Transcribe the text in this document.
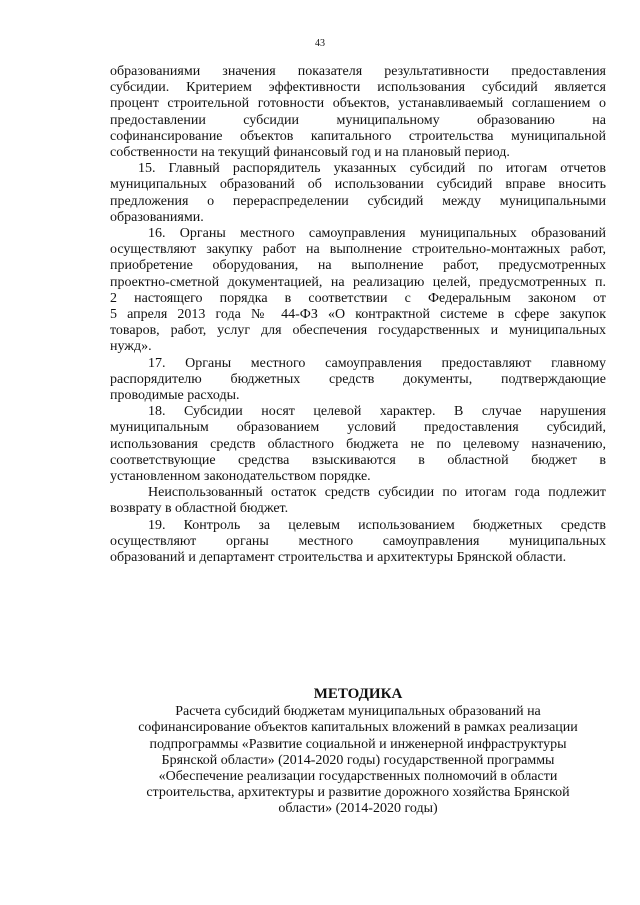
43
образованиями значения показателя результативности предоставления
субсидии. Критерием эффективности использования субсидий является
процент строительной готовности объектов, устанавливаемый соглашением о
предоставлении субсидии муниципальному образованию на
софинансирование объектов капитального строительства муниципальной
собственности на текущий финансовый год и на плановый период.
15. Главный распорядитель указанных субсидий по итогам отчетов
муниципальных образований об использовании субсидий вправе вносить
предложения о перераспределении субсидий между муниципальными
образованиями.
16. Органы местного самоуправления муниципальных образований
осуществляют закупку работ на выполнение строительно-монтажных работ,
приобретение оборудования, на выполнение работ, предусмотренных
проектно-сметной документацией, на реализацию целей, предусмотренных п.
2 настоящего порядка в соответствии с Федеральным законом от
5 апреля 2013 года № 44-ФЗ «О контрактной системе в сфере закупок
товаров, работ, услуг для обеспечения государственных и муниципальных
нужд».
17. Органы местного самоуправления предоставляют главному
распорядителю бюджетных средств документы, подтверждающие
проводимые расходы.
18. Субсидии носят целевой характер. В случае нарушения
муниципальным образованием условий предоставления субсидий,
использования средств областного бюджета не по целевому назначению,
соответствующие средства взыскиваются в областной бюджет в
установленном законодательством порядке.
Неиспользованный остаток средств субсидии по итогам года подлежит
возврату в областной бюджет.
19. Контроль за целевым использованием бюджетных средств
осуществляют органы местного самоуправления муниципальных
образований и департамент строительства и архитектуры Брянской области.
МЕТОДИКА
Расчета субсидий бюджетам муниципальных образований на
софинансирование объектов капитальных вложений в рамках реализации
подпрограммы «Развитие социальной и инженерной инфраструктуры
Брянской области» (2014-2020 годы) государственной программы
«Обеспечение реализации государственных полномочий в области
строительства, архитектуры и развитие дорожного хозяйства Брянской
области» (2014-2020 годы)
